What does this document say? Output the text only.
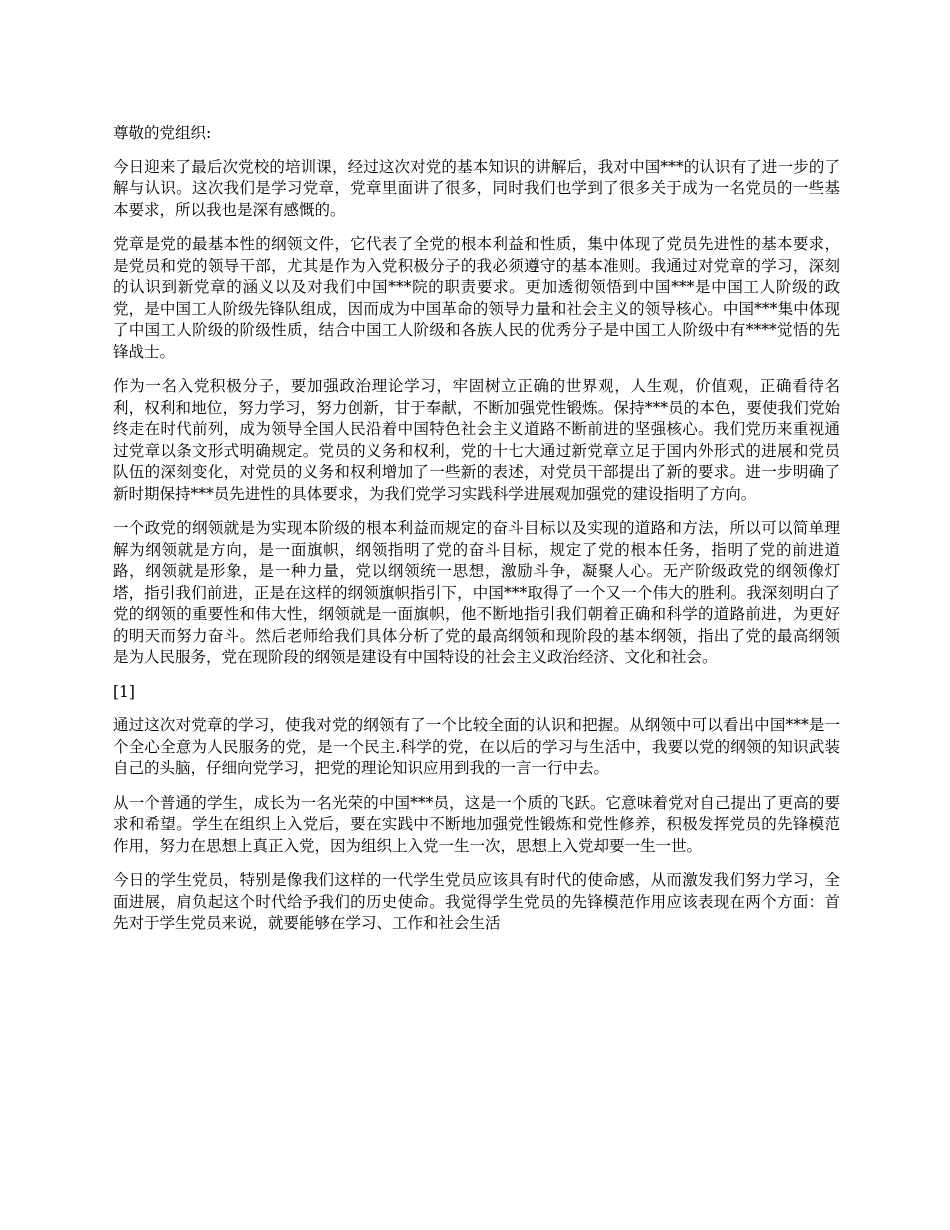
尊敬的党组织:

今日迎来了最后次党校的培训课，经过这次对党的基本知识的讲解后，我对中国***的认识有了进一步的了解与认识。这次我们是学习党章，党章里面讲了很多，同时我们也学到了很多关于成为一名党员的一些基本要求，所以我也是深有感慨的。

党章是党的最基本性的纲领文件，它代表了全党的根本利益和性质，集中体现了党员先进性的基本要求，是党员和党的领导干部，尤其是作为入党积极分子的我必须遵守的基本准则。我通过对党章的学习，深刻的认识到新党章的涵义以及对我们中国***院的职责要求。更加透彻领悟到中国***是中国工人阶级的政党，是中国工人阶级先锋队组成，因而成为中国革命的领导力量和社会主义的领导核心。中国***集中体现了中国工人阶级的阶级性质，结合中国工人阶级和各族人民的优秀分子是中国工人阶级中有****觉悟的先锋战士。

作为一名入党积极分子，要加强政治理论学习，牢固树立正确的世界观，人生观，价值观，正确看待名利，权利和地位，努力学习，努力创新，甘于奉献，不断加强党性锻炼。保持***员的本色，要使我们党始终走在时代前列，成为领导全国人民沿着中国特色社会主义道路不断前进的坚强核心。我们党历来重视通过党章以条文形式明确规定。党员的义务和权利，党的十七大通过新党章立足于国内外形式的进展和党员队伍的深刻变化，对党员的义务和权利增加了一些新的表述，对党员干部提出了新的要求。进一步明确了新时期保持***员先进性的具体要求，为我们党学习实践科学进展观加强党的建设指明了方向。

一个政党的纲领就是为实现本阶级的根本利益而规定的奋斗目标以及实现的道路和方法，所以可以简单理解为纲领就是方向，是一面旗帜，纲领指明了党的奋斗目标，规定了党的根本任务，指明了党的前进道路，纲领就是形象，是一种力量，党以纲领统一思想，激励斗争，凝聚人心。无产阶级政党的纲领像灯塔，指引我们前进，正是在这样的纲领旗帜指引下，中国***取得了一个又一个伟大的胜利。我深刻明白了党的纲领的重要性和伟大性，纲领就是一面旗帜，他不断地指引我们朝着正确和科学的道路前进，为更好的明天而努力奋斗。然后老师给我们具体分析了党的最高纲领和现阶段的基本纲领，指出了党的最高纲领是为人民服务，党在现阶段的纲领是建设有中国特设的社会主义政治经济、文化和社会。

[1]

通过这次对党章的学习，使我对党的纲领有了一个比较全面的认识和把握。从纲领中可以看出中国***是一个全心全意为人民服务的党，是一个民主.科学的党，在以后的学习与生活中，我要以党的纲领的知识武装自己的头脑，仔细向党学习，把党的理论知识应用到我的一言一行中去。

从一个普通的学生，成长为一名光荣的中国***员，这是一个质的飞跃。它意味着党对自己提出了更高的要求和希望。学生在组织上入党后，要在实践中不断地加强党性锻炼和党性修养，积极发挥党员的先锋模范作用，努力在思想上真正入党，因为组织上入党一生一次，思想上入党却要一生一世。

今日的学生党员，特别是像我们这样的一代学生党员应该具有时代的使命感，从而激发我们努力学习，全面进展，肩负起这个时代给予我们的历史使命。我觉得学生党员的先锋模范作用应该表现在两个方面：首先对于学生党员来说，就要能够在学习、工作和社会生活
